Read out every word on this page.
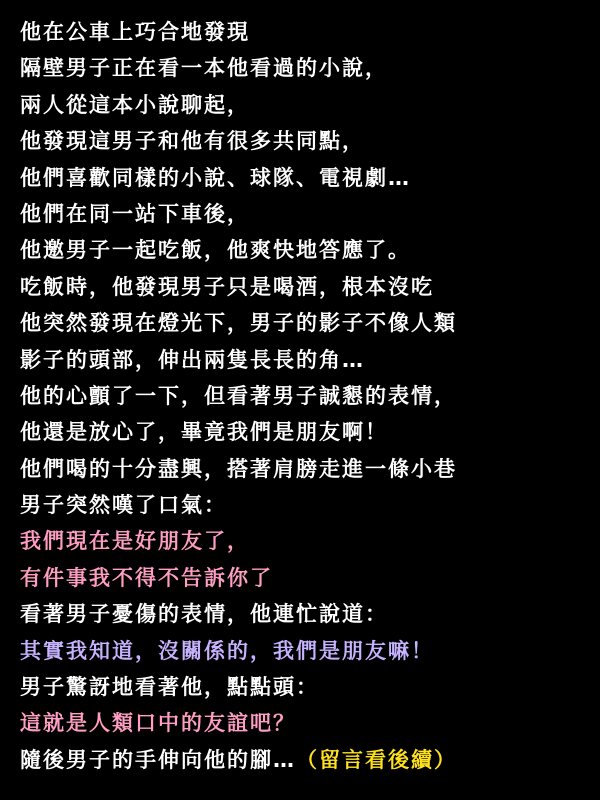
他在公車上巧合地發現
隔壁男子正在看一本他看過的小說，
兩人從這本小說聊起，
他發現這男子和他有很多共同點，
他們喜歡同樣的小說、球隊、電視劇…
他們在同一站下車後，
他邀男子一起吃飯，他爽快地答應了。
吃飯時，他發現男子只是喝酒，根本沒吃
他突然發現在燈光下，男子的影子不像人類
影子的頭部，伸出兩隻長長的角…
他的心顫了一下，但看著男子誠懇的表情，
他還是放心了，畢竟我們是朋友啊！
他們喝的十分盡興，搭著肩膀走進一條小巷
男子突然嘆了口氣：
我們現在是好朋友了，
有件事我不得不告訴你了
看著男子憂傷的表情，他連忙說道：
其實我知道，沒關係的，我們是朋友嘛！
男子驚訝地看著他，點點頭：
這就是人類口中的友誼吧？
隨後男子的手伸向他的腳…（留言看後續）
